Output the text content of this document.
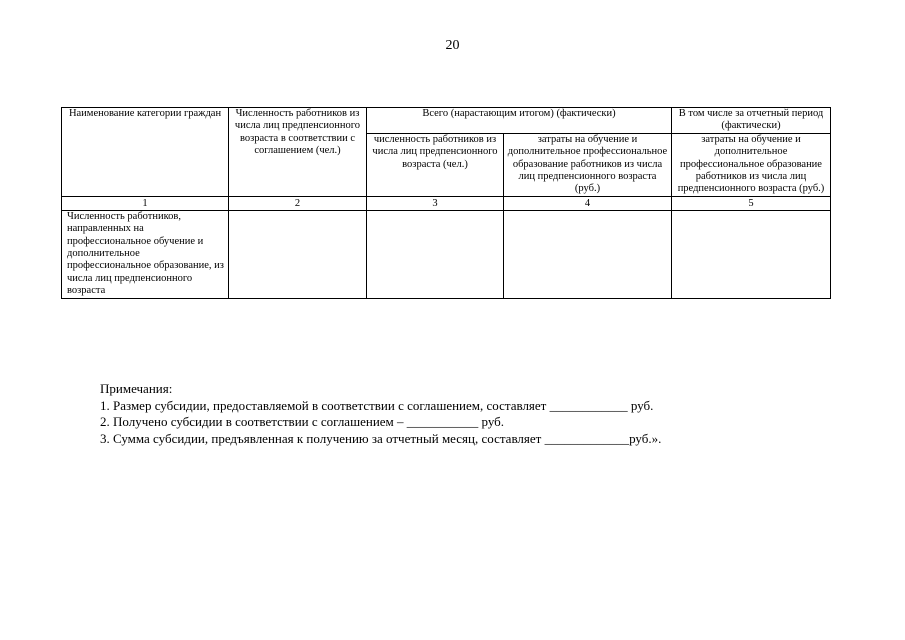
20
Наименование категории граждан	Численность работников из числа лиц предпенсионного возраста в соответствии с соглашением (чел.)	Всего (нарастающим итогом) (фактически)		В том числе за отчетный период (фактически)
		численность работников из числа лиц предпенсионного возраста (чел.)	затраты на обучение и дополнительное профессиональное образование работников из числа лиц предпенсионного возраста (руб.)	затраты на обучение и дополнительное профессиональное образование работников из числа лиц предпенсионного возраста (руб.)
1	2	3	4	5
Численность работников, направленных на профессиональное обучение и дополнительное профессиональное образование, из числа лиц предпенсионного возраста				
Примечания:
1. Размер субсидии, предоставляемой в соответствии с соглашением, составляет ____________ руб.
2. Получено субсидии в соответствии с соглашением – ___________ руб.
3. Сумма субсидии, предъявленная к получению за отчетный месяц, составляет _____________руб.».
